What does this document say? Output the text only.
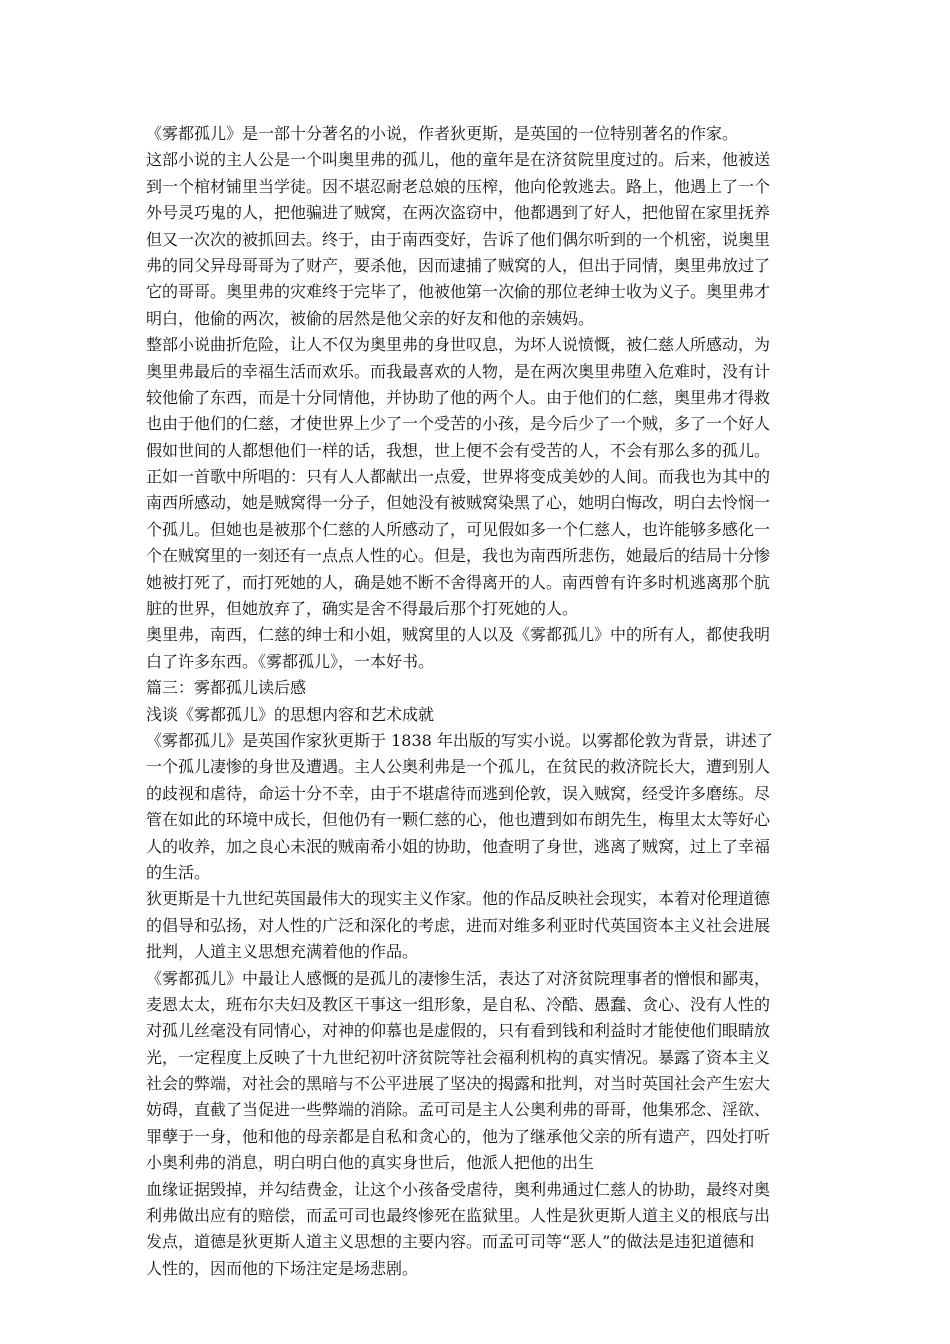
《雾都孤儿》是一部十分著名的小说，作者狄更斯，是英国的一位特别著名的作家。
这部小说的主人公是一个叫奥里弗的孤儿，他的童年是在济贫院里度过的。后来，他被送
到一个棺材铺里当学徒。因不堪忍耐老总娘的压榨，他向伦敦逃去。路上，他遇上了一个
外号灵巧鬼的人，把他骗进了贼窝，在两次盗窃中，他都遇到了好人，把他留在家里抚养
但又一次次的被抓回去。终于，由于南西变好，告诉了他们偶尔听到的一个机密，说奥里
弗的同父异母哥哥为了财产，要杀他，因而逮捕了贼窝的人，但出于同情，奥里弗放过了
它的哥哥。奥里弗的灾难终于完毕了，他被他第一次偷的那位老绅士收为义子。奥里弗才
明白，他偷的两次，被偷的居然是他父亲的好友和他的亲姨妈。
整部小说曲折危险，让人不仅为奥里弗的身世叹息，为坏人说愤慨，被仁慈人所感动，为
奥里弗最后的幸福生活而欢乐。而我最喜欢的人物，是在两次奥里弗堕入危难时，没有计
较他偷了东西，而是十分同情他，并协助了他的两个人。由于他们的仁慈，奥里弗才得救
也由于他们的仁慈，才使世界上少了一个受苦的小孩，是今后少了一个贼，多了一个好人
假如世间的人都想他们一样的话，我想，世上便不会有受苦的人，不会有那么多的孤儿。
正如一首歌中所唱的：只有人人都献出一点爱，世界将变成美妙的人间。而我也为其中的
南西所感动，她是贼窝得一分子，但她没有被贼窝染黑了心，她明白悔改，明白去怜悯一
个孤儿。但她也是被那个仁慈的人所感动了，可见假如多一个仁慈人，也许能够多感化一
个在贼窝里的一刻还有一点点人性的心。但是，我也为南西所悲伤，她最后的结局十分惨
她被打死了，而打死她的人，确是她不断不舍得离开的人。南西曾有许多时机逃离那个肮
脏的世界，但她放弃了，确实是舍不得最后那个打死她的人。
奥里弗，南西，仁慈的绅士和小姐，贼窝里的人以及《雾都孤儿》中的所有人，都使我明
白了许多东西。《雾都孤儿》，一本好书。
篇三：雾都孤儿读后感
浅谈《雾都孤儿》的思想内容和艺术成就
《雾都孤儿》是英国作家狄更斯于 1838 年出版的写实小说。以雾都伦敦为背景，讲述了
一个孤儿凄惨的身世及遭遇。主人公奥利弗是一个孤儿，在贫民的救济院长大，遭到别人
的歧视和虐待，命运十分不幸，由于不堪虐待而逃到伦敦，误入贼窝，经受许多磨练。尽
管在如此的环境中成长，但他仍有一颗仁慈的心，他也遭到如布朗先生，梅里太太等好心
人的收养，加之良心未泯的贼南希小姐的协助，他查明了身世，逃离了贼窝，过上了幸福
的生活。
狄更斯是十九世纪英国最伟大的现实主义作家。他的作品反映社会现实，本着对伦理道德
的倡导和弘扬，对人性的广泛和深化的考虑，进而对维多利亚时代英国资本主义社会进展
批判，人道主义思想充满着他的作品。
《雾都孤儿》中最让人感慨的是孤儿的凄惨生活，表达了对济贫院理事者的憎恨和鄙夷，
麦恩太太，班布尔夫妇及教区干事这一组形象，是自私、冷酷、愚蠢、贪心、没有人性的
对孤儿丝毫没有同情心，对神的仰慕也是虚假的，只有看到钱和利益时才能使他们眼睛放
光，一定程度上反映了十九世纪初叶济贫院等社会福利机构的真实情况。暴露了资本主义
社会的弊端，对社会的黑暗与不公平进展了坚决的揭露和批判，对当时英国社会产生宏大
妨碍，直截了当促进一些弊端的消除。孟可司是主人公奥利弗的哥哥，他集邪念、淫欲、
罪孽于一身，他和他的母亲都是自私和贪心的，他为了继承他父亲的所有遗产，四处打听
小奥利弗的消息，明白明白他的真实身世后，他派人把他的出生
血缘证据毁掉，并勾结费金，让这个小孩备受虐待，奥利弗通过仁慈人的协助，最终对奥
利弗做出应有的赔偿，而孟可司也最终惨死在监狱里。人性是狄更斯人道主义的根底与出
发点，道德是狄更斯人道主义思想的主要内容。而孟可司等“恶人”的做法是违犯道德和
人性的，因而他的下场注定是场悲剧。
